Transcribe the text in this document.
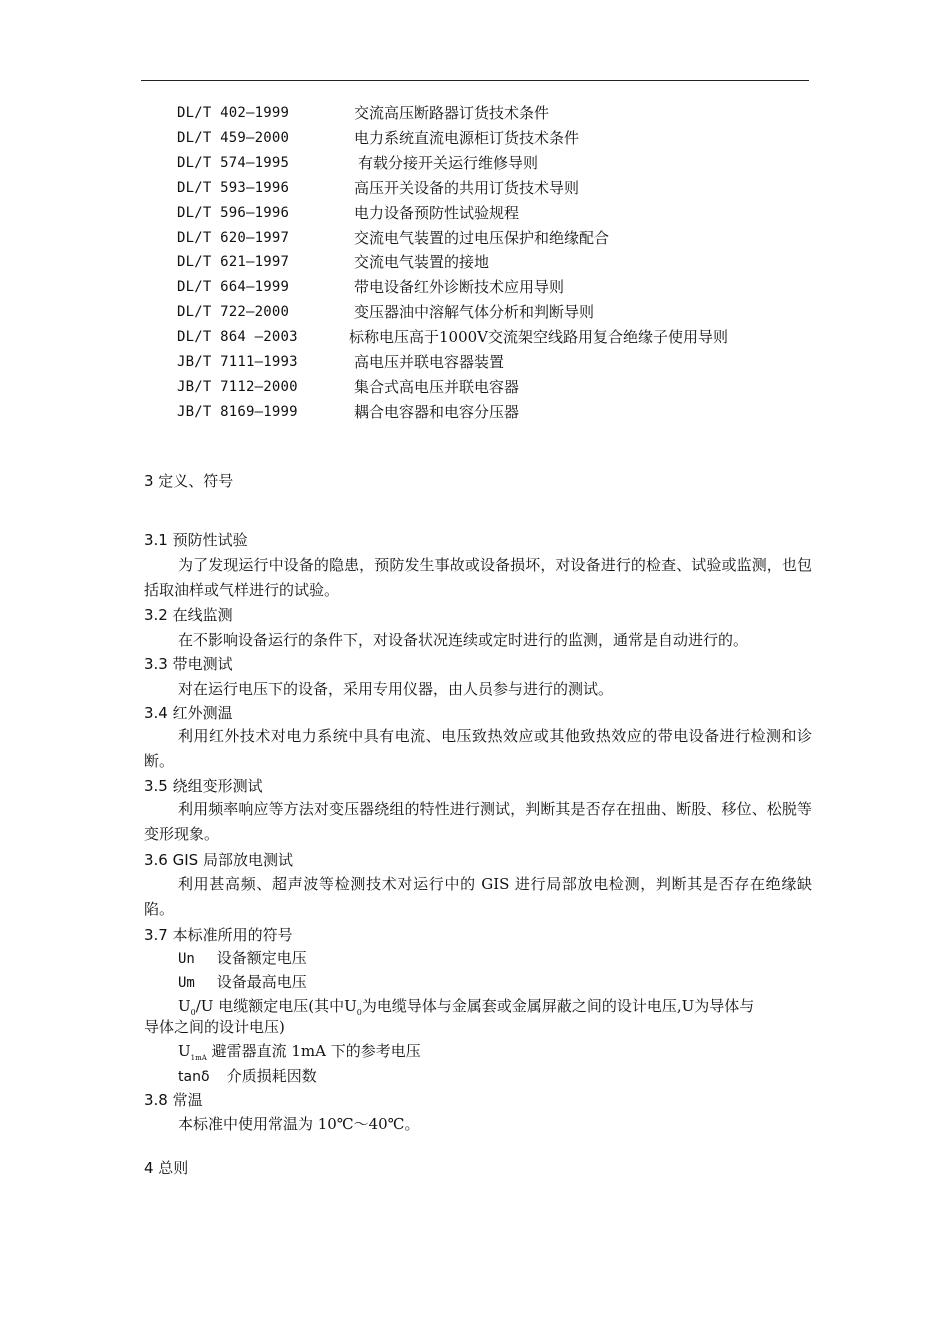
DL/T 402—1999	交流高压断路器订货技术条件
DL/T 459—2000	电力系统直流电源柜订货技术条件
DL/T 574—1995	有载分接开关运行维修导则
DL/T 593—1996	高压开关设备的共用订货技术导则
DL/T 596—1996	电力设备预防性试验规程
DL/T 620—1997	交流电气装置的过电压保护和绝缘配合
DL/T 621—1997	交流电气装置的接地
DL/T 664—1999	带电设备红外诊断技术应用导则
DL/T 722—2000	变压器油中溶解气体分析和判断导则
DL/T 864 —2003	标称电压高于1000V交流架空线路用复合绝缘子使用导则
JB/T 7111—1993	高电压并联电容器装置
JB/T 7112—2000	集合式高电压并联电容器
JB/T 8169—1999	耦合电容器和电容分压器
3 定义、符号
3.1 预防性试验
为了发现运行中设备的隐患，预防发生事故或设备损坏，对设备进行的检查、试验或监测，也包括取油样或气样进行的试验。
3.2 在线监测
在不影响设备运行的条件下，对设备状况连续或定时进行的监测，通常是自动进行的。
3.3 带电测试
对在运行电压下的设备，采用专用仪器，由人员参与进行的测试。
3.4 红外测温
利用红外技术对电力系统中具有电流、电压致热效应或其他致热效应的带电设备进行检测和诊断。
3.5 绕组变形测试
利用频率响应等方法对变压器绕组的特性进行测试，判断其是否存在扭曲、断股、移位、松脱等变形现象。
3.6 GIS 局部放电测试
利用甚高频、超声波等检测技术对运行中的 GIS 进行局部放电检测，判断其是否存在绝缘缺陷。
3.7 本标准所用的符号
Un 设备额定电压
Um 设备最高电压
$U_0/U$ 电缆额定电压(其中$U_0$为电缆导体与金属套或金属屏蔽之间的设计电压,U为导体与
导体之间的设计电压)
$U_{1mA}$ 避雷器直流 1mA 下的参考电压
tanδ 介质损耗因数
3.8 常温
本标准中使用常温为 10℃～40℃。
4 总则
